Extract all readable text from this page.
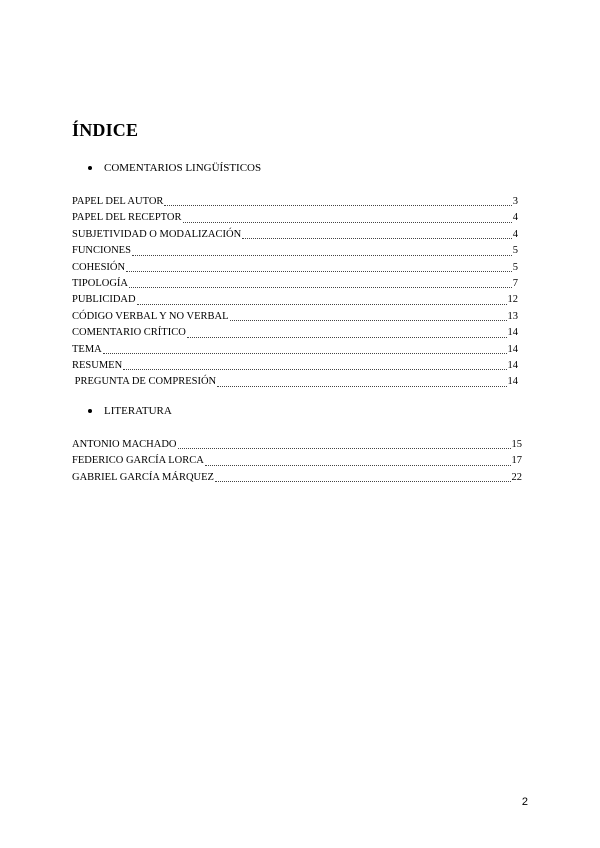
ÍNDICE
COMENTARIOS LINGÜÍSTICOS
PAPEL DEL AUTOR	3
PAPEL DEL RECEPTOR	4
SUBJETIVIDAD O MODALIZACIÓN	4
FUNCIONES	5
COHESIÓN	5
TIPOLOGÍA	7
PUBLICIDAD	12
CÓDIGO VERBAL Y NO VERBAL	13
COMENTARIO CRÍTICO	14
TEMA	14
RESUMEN	14
PREGUNTA DE COMPRESIÓN	14
LITERATURA
ANTONIO MACHADO	15
FEDERICO GARCÍA LORCA	17
GABRIEL GARCÍA MÁRQUEZ	22
2
